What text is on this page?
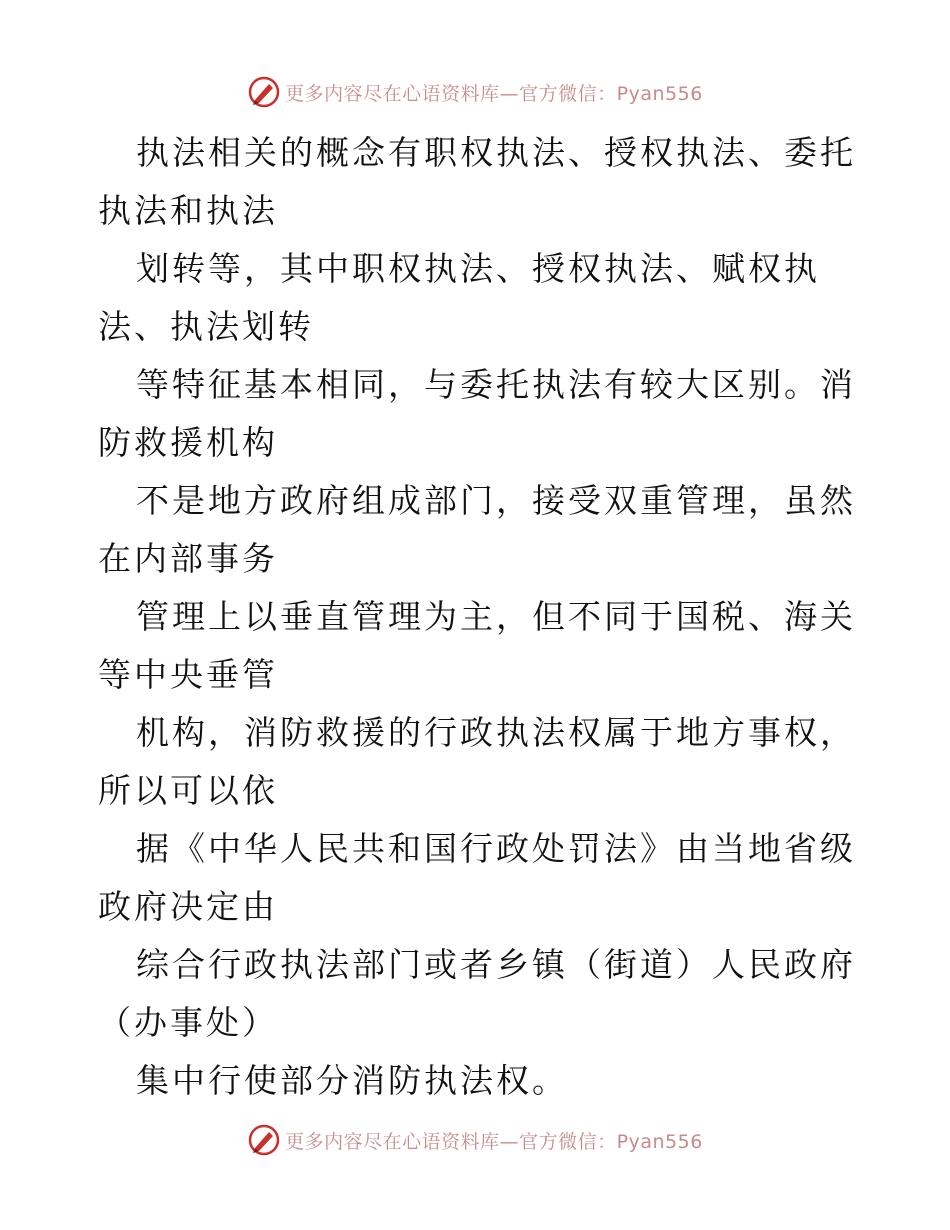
更多内容尽在心语资料库—官方微信：Pyan556

执法相关的概念有职权执法、授权执法、委托执法和执法

划转等，其中职权执法、授权执法、赋权执法、执法划转

等特征基本相同，与委托执法有较大区别。消防救援机构

不是地方政府组成部门，接受双重管理，虽然在内部事务

管理上以垂直管理为主，但不同于国税、海关等中央垂管

机构，消防救援的行政执法权属于地方事权，所以可以依

据《中华人民共和国行政处罚法》由当地省级政府决定由

综合行政执法部门或者乡镇（街道）人民政府（办事处）

集中行使部分消防执法权。

更多内容尽在心语资料库—官方微信：Pyan556
